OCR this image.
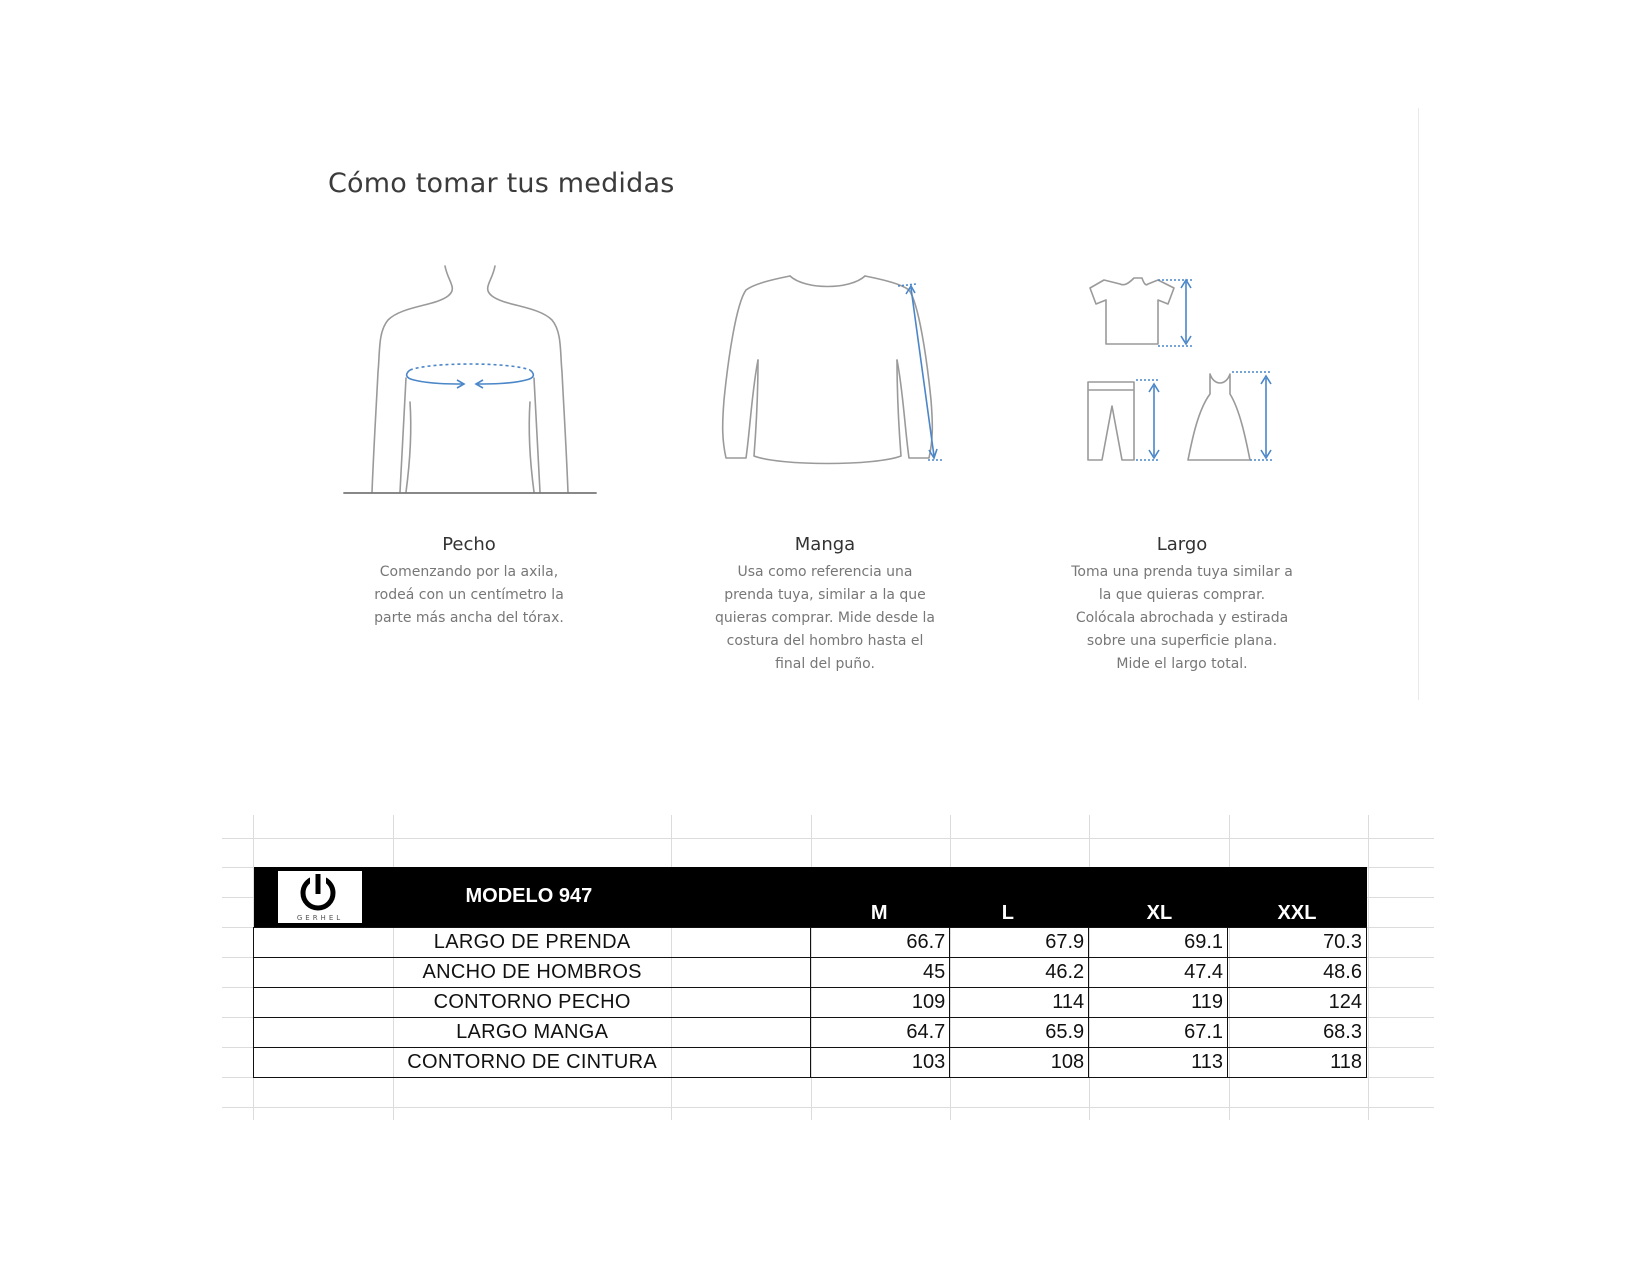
Cómo tomar tus medidas
Pecho
Comenzando por la axila,
rodeá con un centímetro la
parte más ancha del tórax.
Manga
Usa como referencia una
prenda tuya, similar a la que
quieras comprar. Mide desde la
costura del hombro hasta el
final del puño.
Largo
Toma una prenda tuya similar a
la que quieras comprar.
Colócala abrochada y estirada
sobre una superficie plana.
Mide el largo total.
GERHEL
MODELO 947	M	L	XL	XXL
LARGO DE PRENDA	66.7	67.9	69.1	70.3
ANCHO DE HOMBROS	45	46.2	47.4	48.6
CONTORNO PECHO	109	114	119	124
LARGO MANGA	64.7	65.9	67.1	68.3
CONTORNO DE CINTURA	103	108	113	118
